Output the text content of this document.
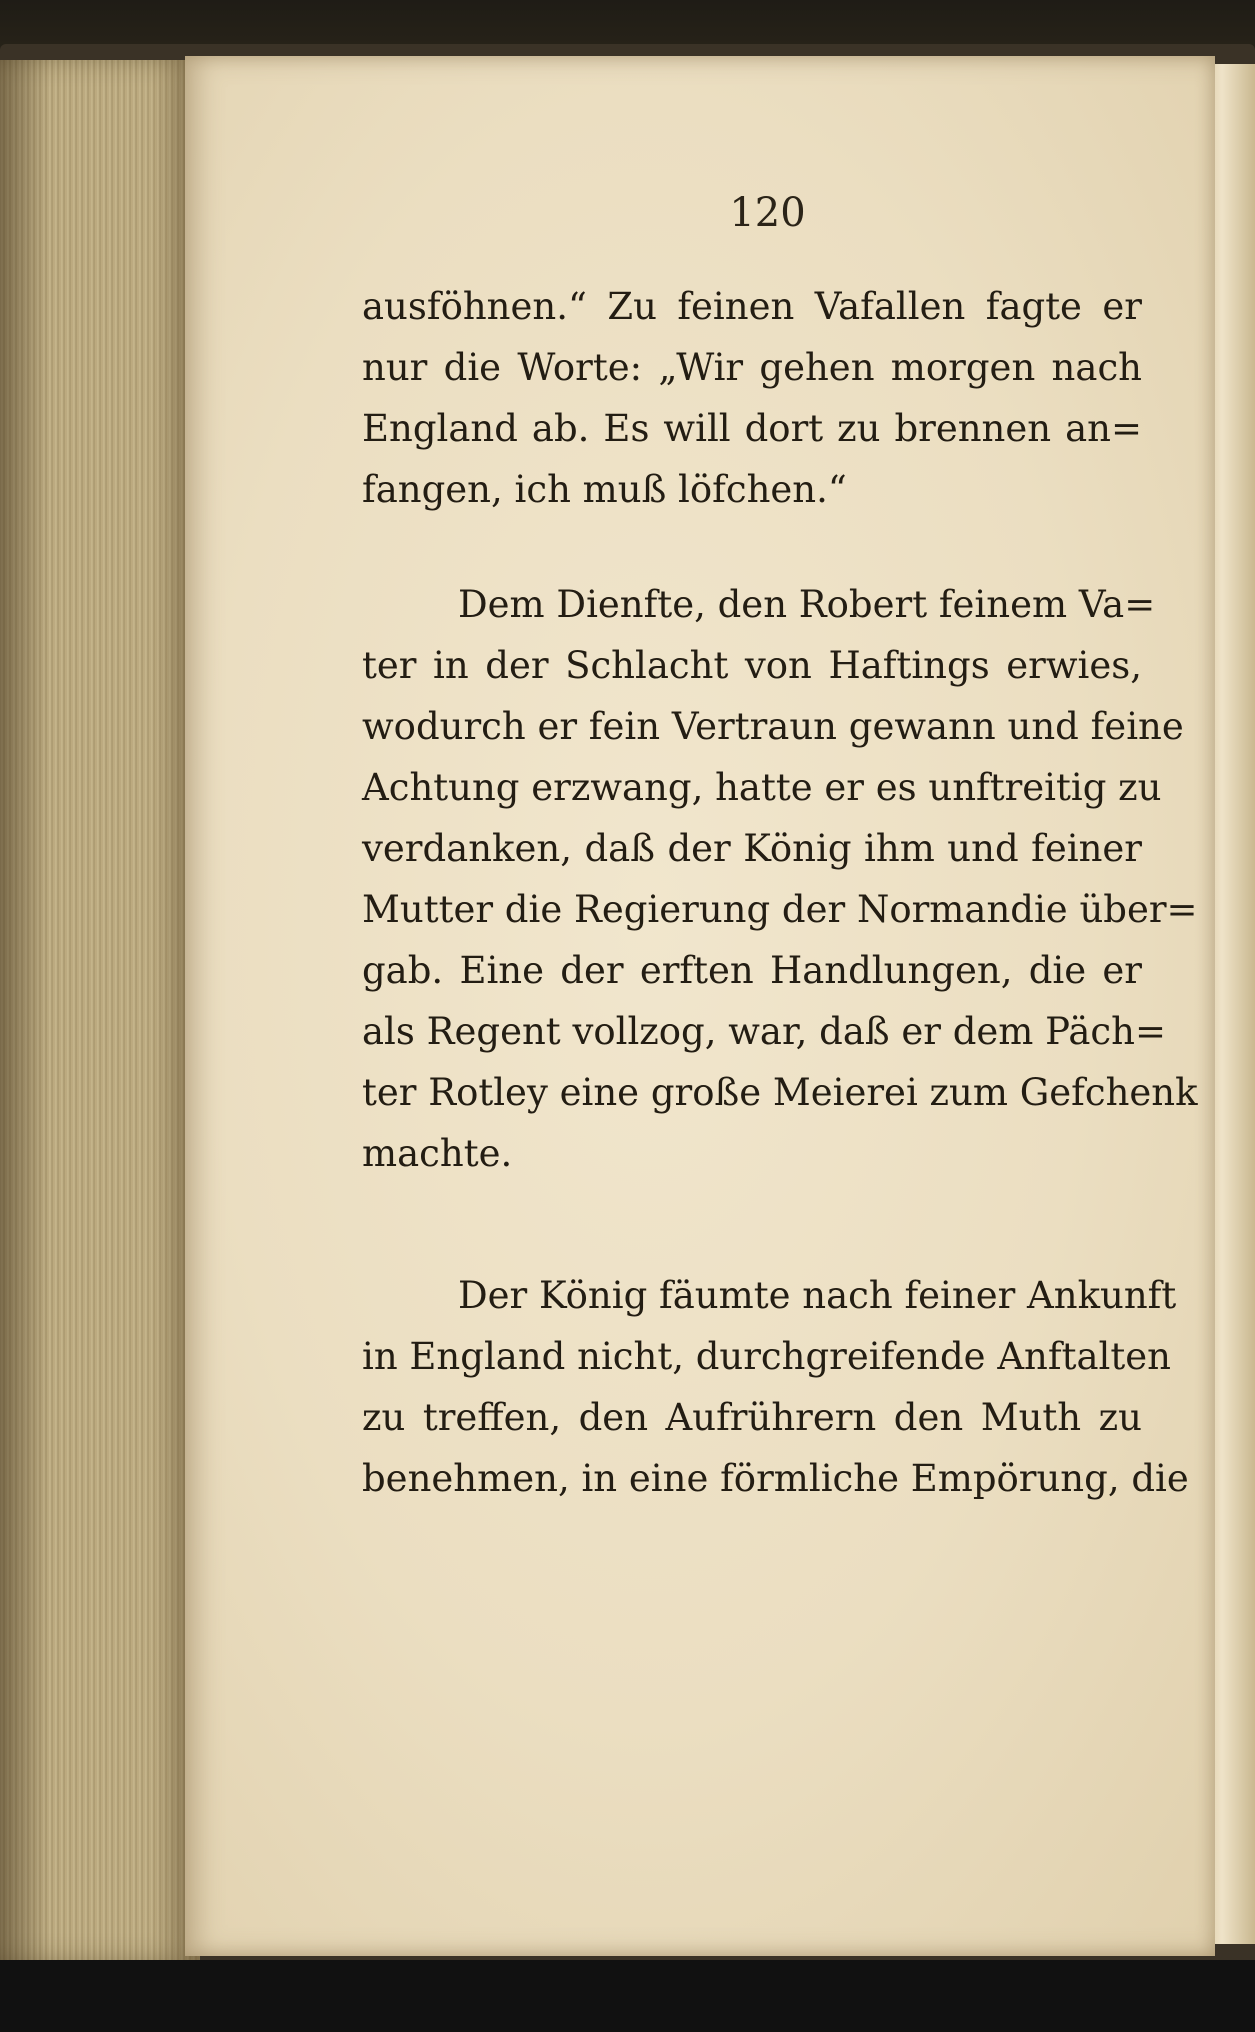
120
ausföhnen.“ Zu feinen Vafallen fagte er
nur die Worte: „Wir gehen morgen nach
England ab. Es will dort zu brennen an=
fangen, ich muß löfchen.“
Dem Dienfte, den Robert feinem Va=
ter in der Schlacht von Haftings erwies,
wodurch er fein Vertraun gewann und feine
Achtung erzwang, hatte er es unftreitig zu
verdanken, daß der König ihm und feiner
Mutter die Regierung der Normandie über=
gab. Eine der erften Handlungen, die er
als Regent vollzog, war, daß er dem Päch=
ter Rotley eine große Meierei zum Gefchenk
machte.
Der König fäumte nach feiner Ankunft
in England nicht, durchgreifende Anftalten
zu treffen, den Aufrührern den Muth zu
benehmen, in eine förmliche Empörung, die
